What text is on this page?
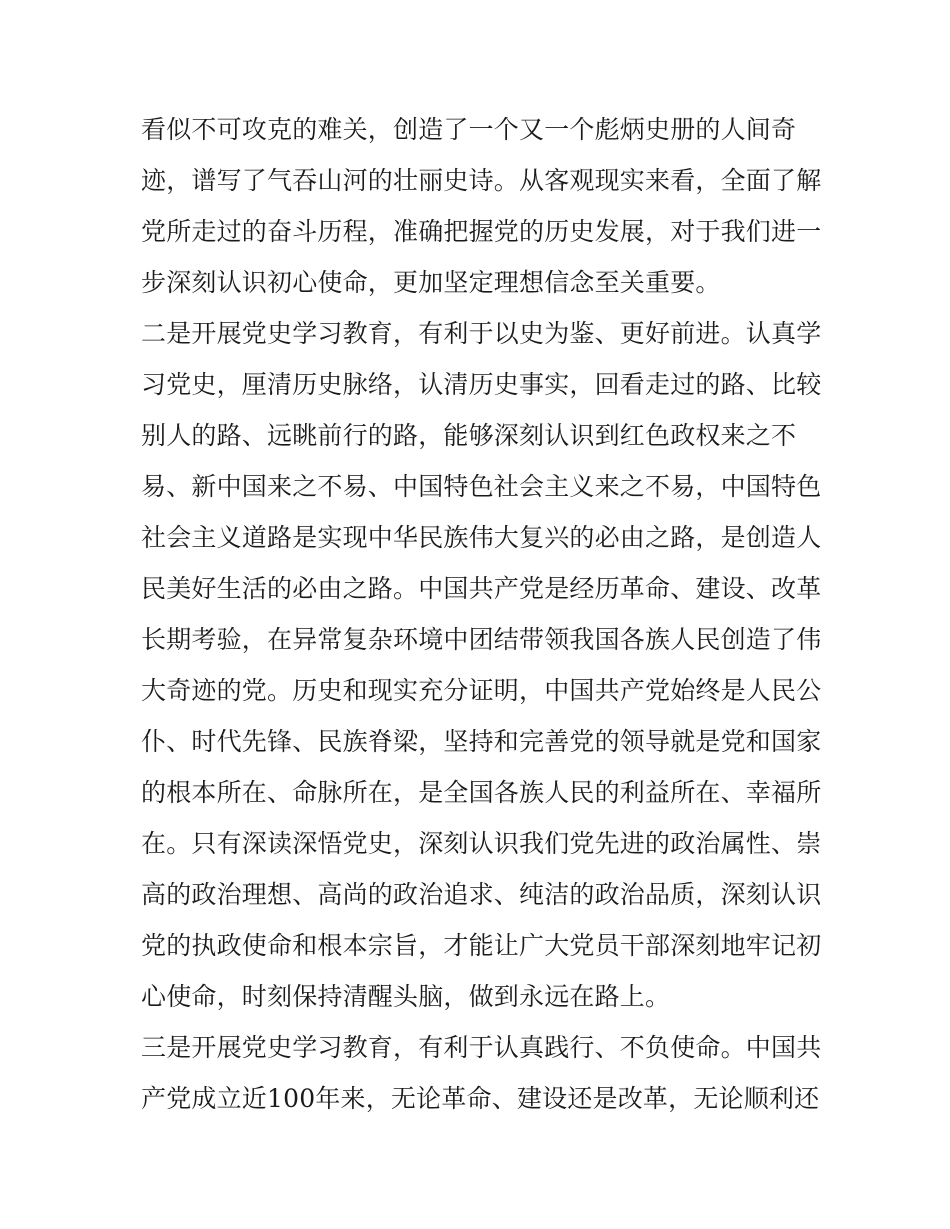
看似不可攻克的难关，创造了一个又一个彪炳史册的人间奇
迹，谱写了气吞山河的壮丽史诗。从客观现实来看，全面了解
党所走过的奋斗历程，准确把握党的历史发展，对于我们进一
步深刻认识初心使命，更加坚定理想信念至关重要。
二是开展党史学习教育，有利于以史为鉴、更好前进。认真学
习党史，厘清历史脉络，认清历史事实，回看走过的路、比较
别人的路、远眺前行的路，能够深刻认识到红色政权来之不
易、新中国来之不易、中国特色社会主义来之不易，中国特色
社会主义道路是实现中华民族伟大复兴的必由之路，是创造人
民美好生活的必由之路。中国共产党是经历革命、建设、改革
长期考验，在异常复杂环境中团结带领我国各族人民创造了伟
大奇迹的党。历史和现实充分证明，中国共产党始终是人民公
仆、时代先锋、民族脊梁，坚持和完善党的领导就是党和国家
的根本所在、命脉所在，是全国各族人民的利益所在、幸福所
在。只有深读深悟党史，深刻认识我们党先进的政治属性、崇
高的政治理想、高尚的政治追求、纯洁的政治品质，深刻认识
党的执政使命和根本宗旨，才能让广大党员干部深刻地牢记初
心使命，时刻保持清醒头脑，做到永远在路上。
三是开展党史学习教育，有利于认真践行、不负使命。中国共
产党成立近100年来，无论革命、建设还是改革，无论顺利还
